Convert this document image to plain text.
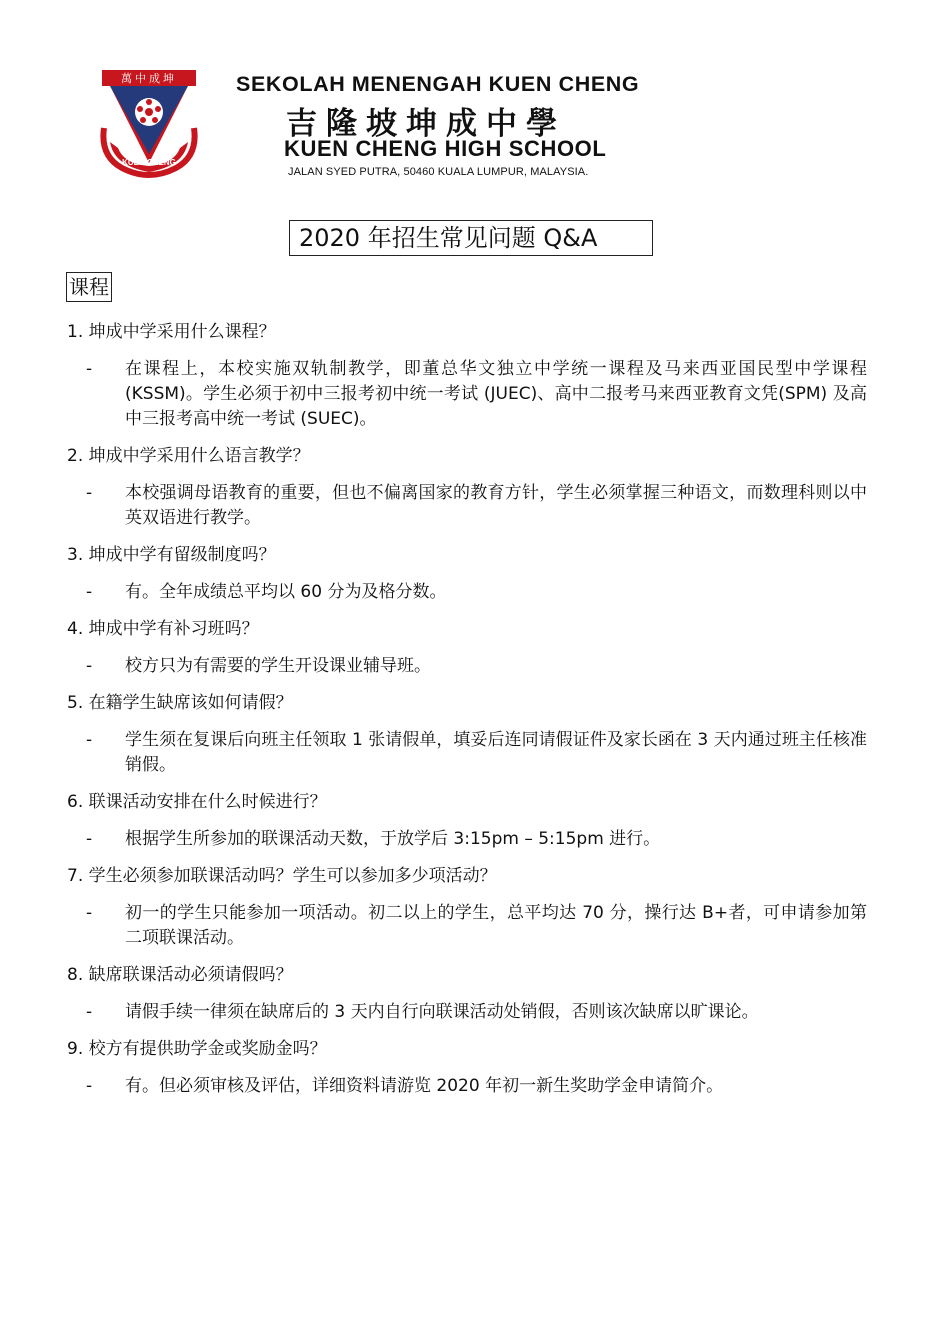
萬中成坤
KUEN CHENG
SEKOLAH MENENGAH KUEN CHENG
吉隆坡坤成中學
KUEN CHENG HIGH SCHOOL
JALAN SYED PUTRA, 50460 KUALA LUMPUR, MALAYSIA.
2020 年招生常见问题 Q&A
课程
1. 坤成中学采用什么课程？
- 在课程上，本校实施双轨制教学，即董总华文独立中学统一课程及马来西亚国民型中学课程(KSSM)。学生必须于初中三报考初中统一考试 (JUEC)、高中二报考马来西亚教育文凭(SPM) 及高中三报考高中统一考试 (SUEC)。
2. 坤成中学采用什么语言教学？
- 本校强调母语教育的重要，但也不偏离国家的教育方针，学生必须掌握三种语文，而数理科则以中英双语进行教学。
3. 坤成中学有留级制度吗？
- 有。全年成绩总平均以 60 分为及格分数。
4. 坤成中学有补习班吗？
- 校方只为有需要的学生开设课业辅导班。
5. 在籍学生缺席该如何请假？
- 学生须在复课后向班主任领取 1 张请假单，填妥后连同请假证件及家长函在 3 天内通过班主任核准销假。
6. 联课活动安排在什么时候进行？
- 根据学生所参加的联课活动天数，于放学后 3:15pm – 5:15pm 进行。
7. 学生必须参加联课活动吗？学生可以参加多少项活动？
- 初一的学生只能参加一项活动。初二以上的学生，总平均达 70 分，操行达 B+者，可申请参加第二项联课活动。
8. 缺席联课活动必须请假吗？
- 请假手续一律须在缺席后的 3 天内自行向联课活动处销假，否则该次缺席以旷课论。
9. 校方有提供助学金或奖励金吗？
- 有。但必须审核及评估，详细资料请游览 2020 年初一新生奖助学金申请简介。
